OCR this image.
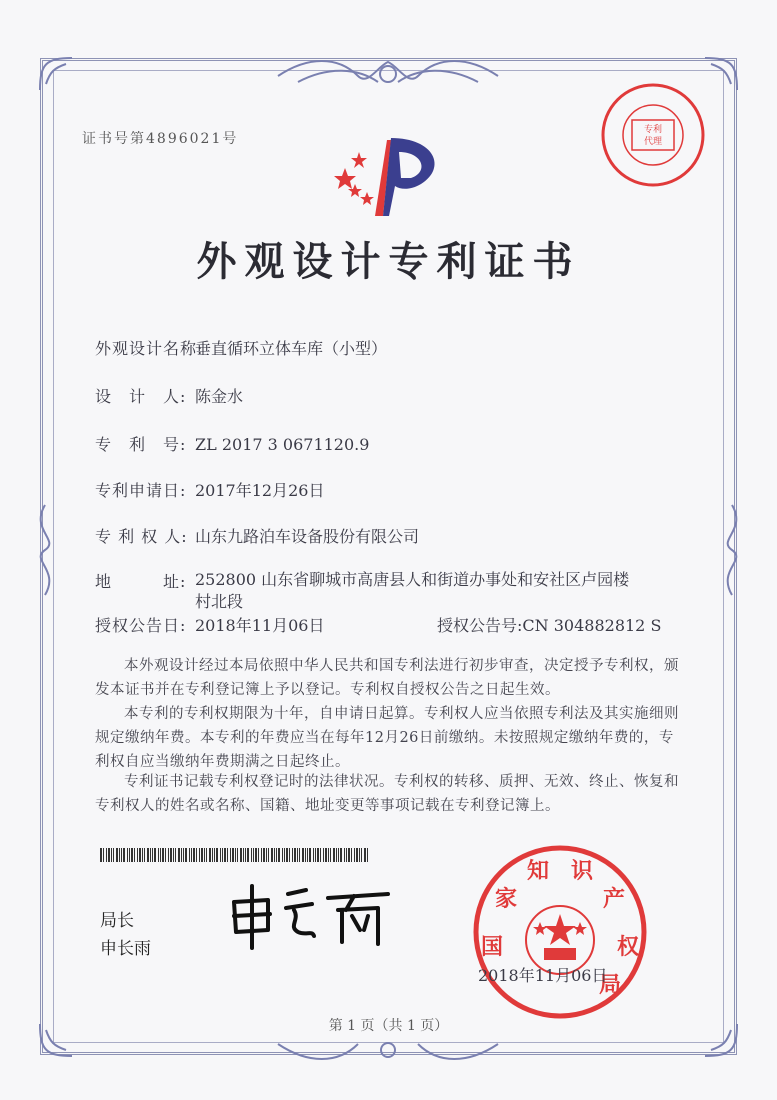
证书号第4896021号
专利
代理
外观设计专利证书
外观设计名称:垂直循环立体车库（小型）
设　计　人: 陈金水
专　利　号: ZL 2017 3 0671120.9
专利申请日: 2017年12月26日
专 利 权 人: 山东九路泊车设备股份有限公司
地　　　址: 252800 山东省聊城市高唐县人和街道办事处和安社区卢园楼村北段
授权公告日: 2018年11月06日	授权公告号:CN 304882812 S
本外观设计经过本局依照中华人民共和国专利法进行初步审查，决定授予专利权，颁发本证书并在专利登记簿上予以登记。专利权自授权公告之日起生效。
本专利的专利权期限为十年，自申请日起算。专利权人应当依照专利法及其实施细则规定缴纳年费。本专利的年费应当在每年12月26日前缴纳。未按照规定缴纳年费的，专利权自应当缴纳年费期满之日起终止。
专利证书记载专利权登记时的法律状况。专利权的转移、质押、无效、终止、恢复和专利权人的姓名或名称、国籍、地址变更等事项记载在专利登记簿上。
局长
申长雨	国
家
知 识
产
权
局
2018年11月06日
第 1 页（共 1 页）
